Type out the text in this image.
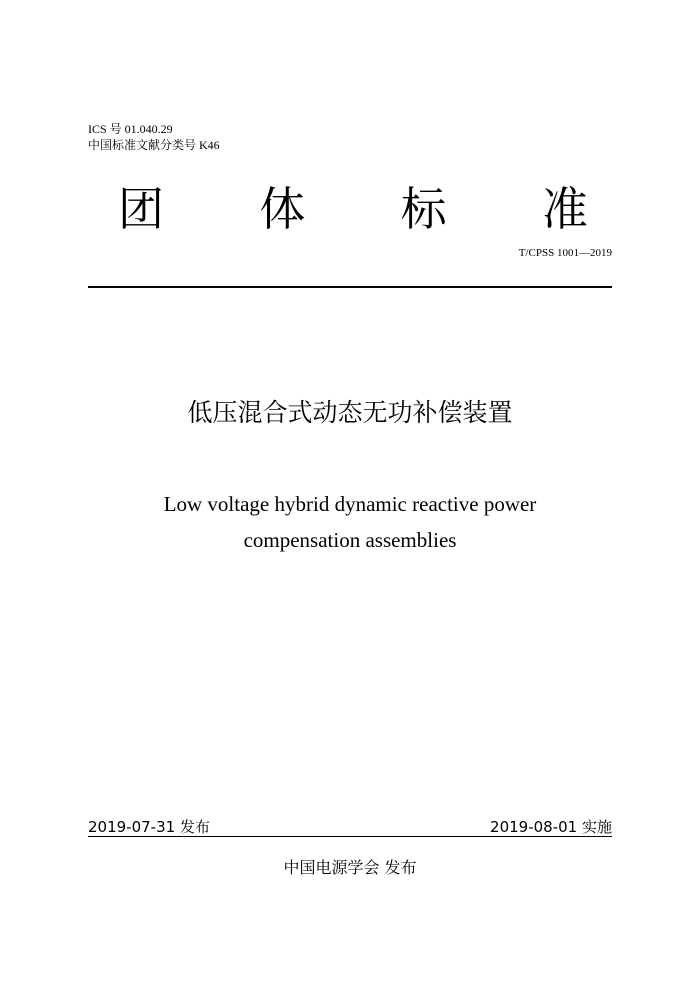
ICS 号 01.040.29
中国标准文献分类号 K46
团 体 标 准
T/CPSS 1001—2019
低压混合式动态无功补偿装置
Low voltage hybrid dynamic reactive power
compensation assemblies
2019-07-31 发布	2019-08-01 实施
中国电源学会 发布
